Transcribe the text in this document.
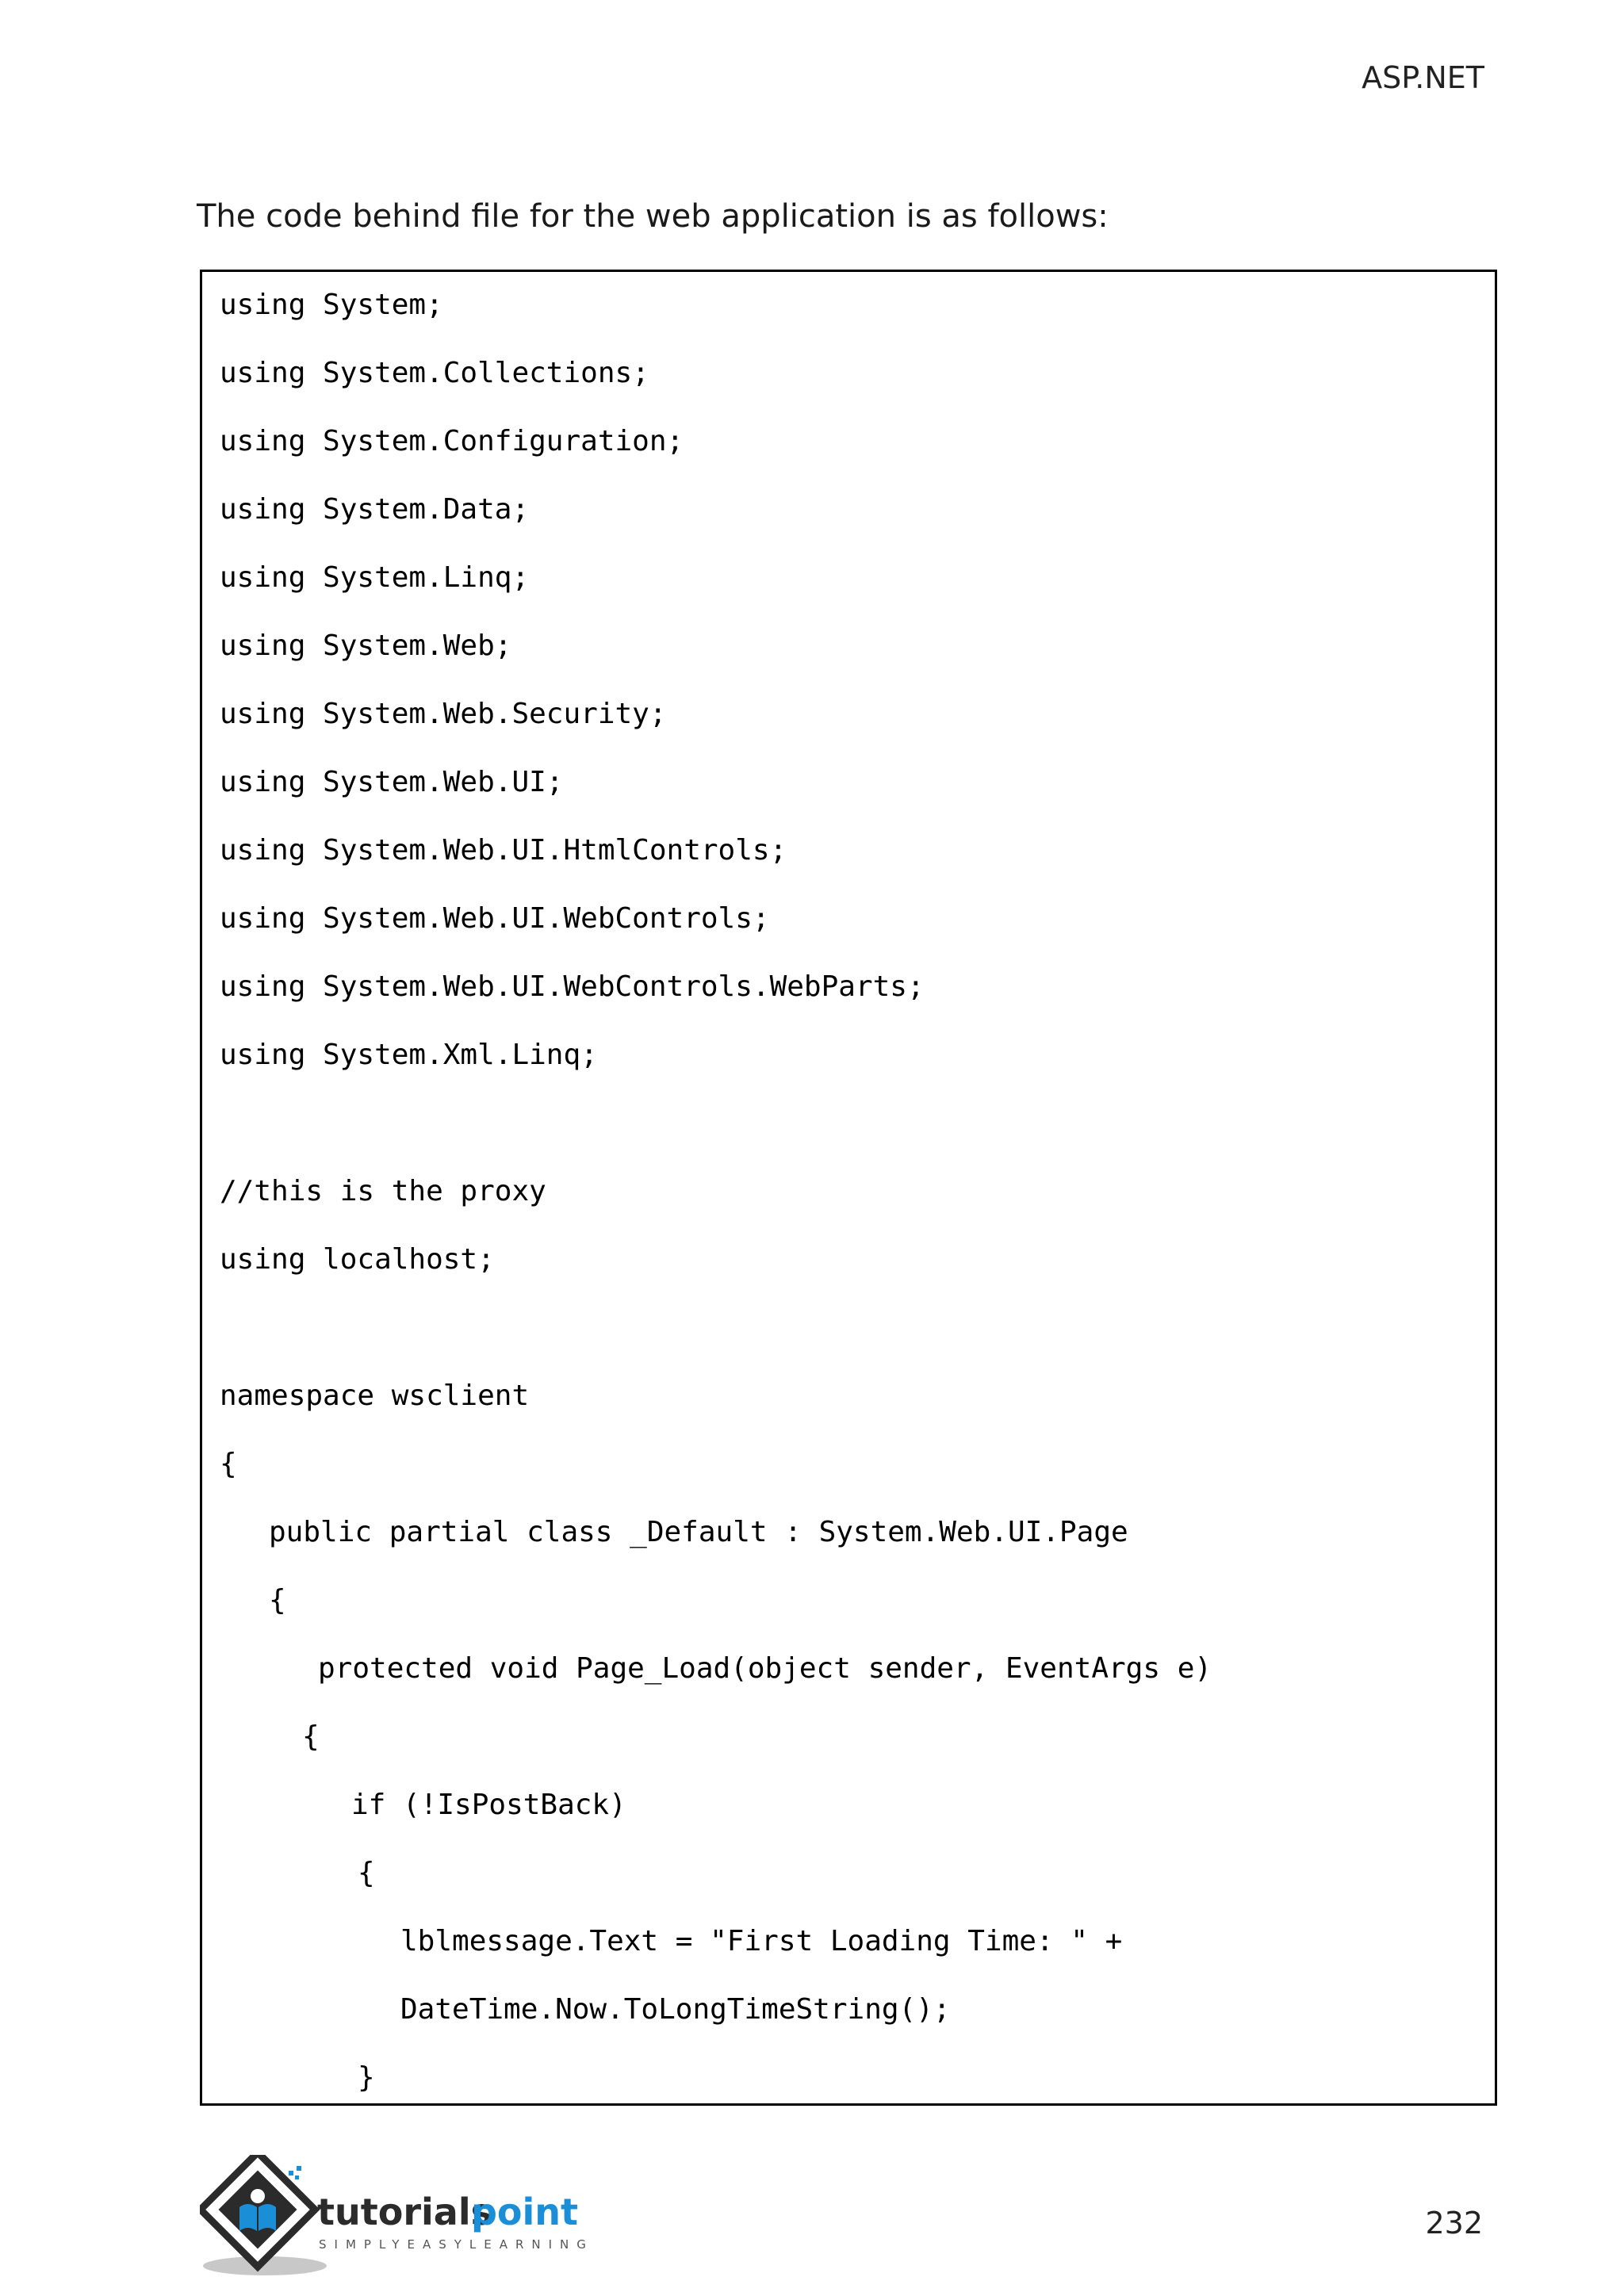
ASP.NET
The code behind file for the web application is as follows:
using System;
using System.Collections;
using System.Configuration;
using System.Data;
using System.Linq;
using System.Web;
using System.Web.Security;
using System.Web.UI;
using System.Web.UI.HtmlControls;
using System.Web.UI.WebControls;
using System.Web.UI.WebControls.WebParts;
using System.Xml.Linq;
//this is the proxy
using localhost;
namespace wsclient
{
public partial class _Default : System.Web.UI.Page
{
protected void Page_Load(object sender, EventArgs e)
{
if (!IsPostBack)
{
lblmessage.Text = "First Loading Time: " +
DateTime.Now.ToLongTimeString();
}
tutorials
point
SIMPLYEASYLEARNING
232
